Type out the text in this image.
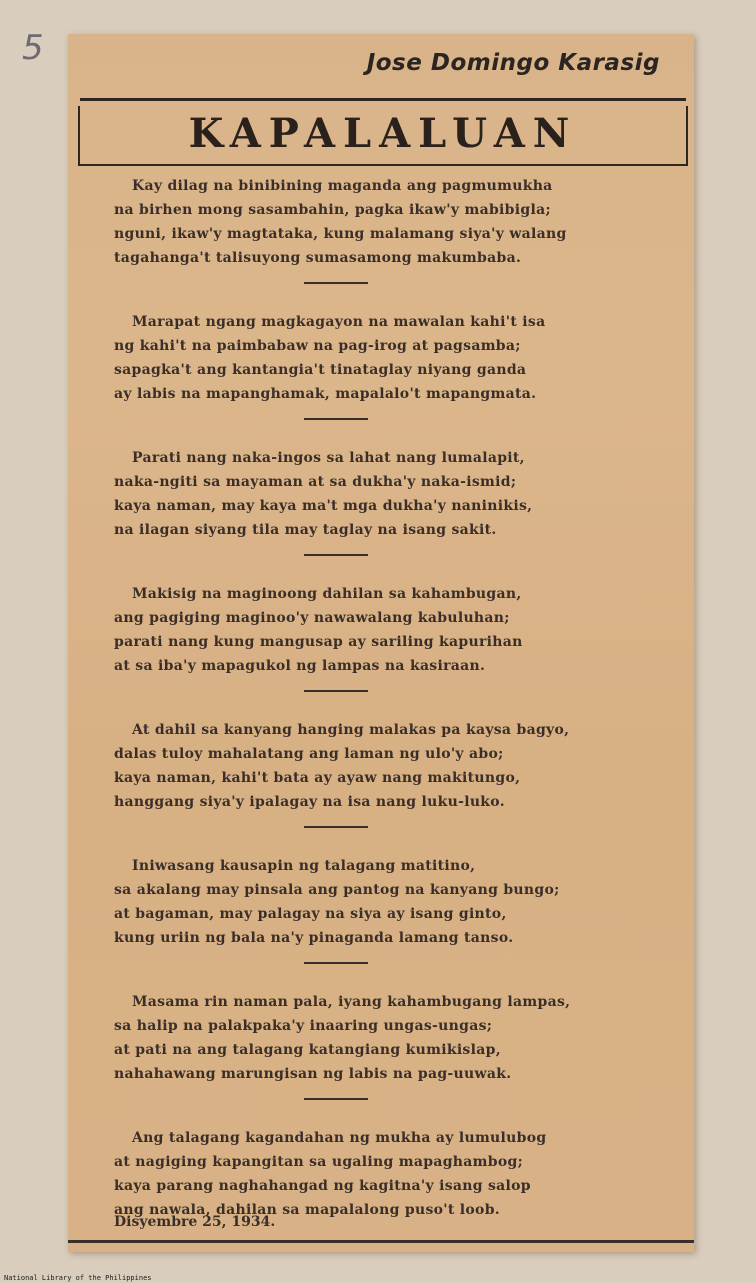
5	Jose Domingo Karasig
KAPALALUAN
Kay dilag na binibining maganda ang pagmumukha
na birhen mong sasambahin, pagka ikaw'y mabibigla;
nguni, ikaw'y magtataka, kung malamang siya'y walang
tagahanga't talisuyong sumasamong makumbaba.
Marapat ngang magkagayon na mawalan kahi't isa
ng kahi't na paimbabaw na pag-irog at pagsamba;
sapagka't ang kantangia't tinataglay niyang ganda
ay labis na mapanghamak, mapalalo't mapangmata.
Parati nang naka-ingos sa lahat nang lumalapit,
naka-ngiti sa mayaman at sa dukha'y naka-ismid;
kaya naman, may kaya ma't mga dukha'y naninikis,
na ilagan siyang tila may taglay na isang sakit.
Makisig na maginoong dahilan sa kahambugan,
ang pagiging maginoo'y nawawalang kabuluhan;
parati nang kung mangusap ay sariling kapurihan
at sa iba'y mapagukol ng lampas na kasiraan.
At dahil sa kanyang hanging malakas pa kaysa bagyo,
dalas tuloy mahalatang ang laman ng ulo'y abo;
kaya naman, kahi't bata ay ayaw nang makitungo,
hanggang siya'y ipalagay na isa nang luku-luko.
Iniwasang kausapin ng talagang matitino,
sa akalang may pinsala ang pantog na kanyang bungo;
at bagaman, may palagay na siya ay isang ginto,
kung uriin ng bala na'y pinaganda lamang tanso.
Masama rin naman pala, iyang kahambugang lampas,
sa halip na palakpaka'y inaaring ungas-ungas;
at pati na ang talagang katangiang kumikislap,
nahahawang marungisan ng labis na pag-uuwak.
Ang talagang kagandahan ng mukha ay lumulubog
at nagiging kapangitan sa ugaling mapaghambog;
kaya parang naghahangad ng kagitna'y isang salop
ang nawala, dahilan sa mapalalong puso't loob.
Disyembre 25, 1934.
National Library of the Philippines
